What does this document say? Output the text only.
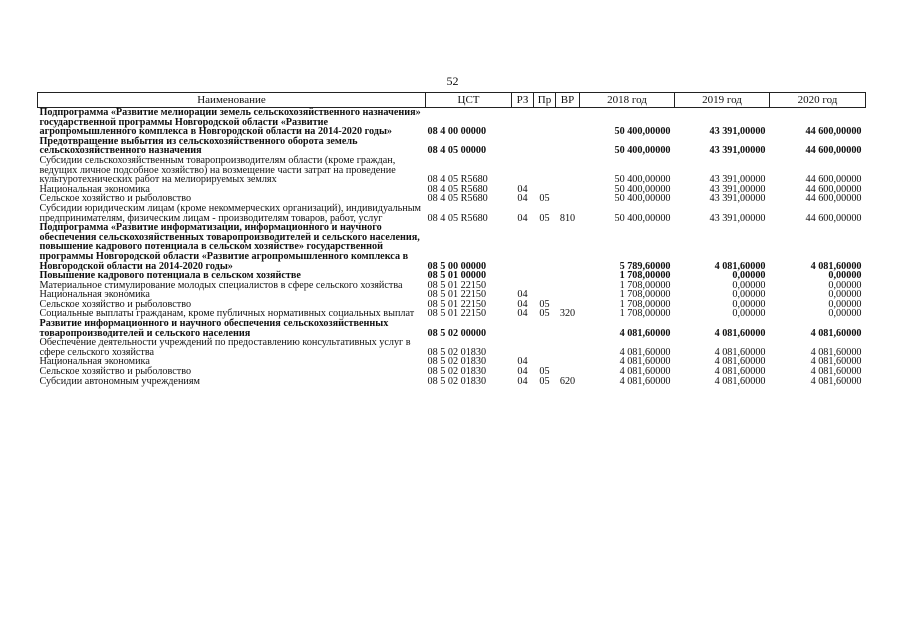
52
Наименование	ЦСТ	РЗ	Пр	ВР	2018 год	2019 год	2020 год
Подпрограмма «Развитие мелиорации земель сельскохозяйственного назначения» государственной программы Новгородской области «Развитие агропромышленного комплекса в Новгородской области на 2014-2020 годы»	08 4 00 00000				50 400,00000	43 391,00000	44 600,00000
Предотвращение выбытия из сельскохозяйственного оборота земель сельскохозяйственного назначения	08 4 05 00000				50 400,00000	43 391,00000	44 600,00000
Субсидии сельскохозяйственным товаропроизводителям области (кроме граждан, ведущих личное подсобное хозяйство) на возмещение части затрат на проведение культуротехнических работ на мелиорируемых землях	08 4 05 R5680				50 400,00000	43 391,00000	44 600,00000
Национальная экономика	08 4 05 R5680	04			50 400,00000	43 391,00000	44 600,00000
Сельское хозяйство и рыболовство	08 4 05 R5680	04	05		50 400,00000	43 391,00000	44 600,00000
Субсидии юридическим лицам (кроме некоммерческих организаций), индивидуальным предпринимателям, физическим лицам - производителям товаров, работ, услуг	08 4 05 R5680	04	05	810	50 400,00000	43 391,00000	44 600,00000
Подпрограмма «Развитие информатизации, информационного и научного обеспечения сельскохозяйственных товаропроизводителей и сельского населения, повышение кадрового потенциала в сельском хозяйстве» государственной программы Новгородской области «Развитие агропромышленного комплекса в Новгородской области на 2014-2020 годы»	08 5 00 00000				5 789,60000	4 081,60000	4 081,60000
Повышение кадрового потенциала в сельском хозяйстве	08 5 01 00000				1 708,00000	0,00000	0,00000
Материальное стимулирование молодых специалистов в сфере сельского хозяйства	08 5 01 22150				1 708,00000	0,00000	0,00000
Национальная экономика	08 5 01 22150	04			1 708,00000	0,00000	0,00000
Сельское хозяйство и рыболовство	08 5 01 22150	04	05		1 708,00000	0,00000	0,00000
Социальные выплаты гражданам, кроме публичных нормативных социальных выплат	08 5 01 22150	04	05	320	1 708,00000	0,00000	0,00000
Развитие информационного и научного обеспечения сельскохозяйственных товаропроизводителей и сельского населения	08 5 02 00000				4 081,60000	4 081,60000	4 081,60000
Обеспечение деятельности учреждений по предоставлению консультативных услуг в сфере сельского хозяйства	08 5 02 01830				4 081,60000	4 081,60000	4 081,60000
Национальная экономика	08 5 02 01830	04			4 081,60000	4 081,60000	4 081,60000
Сельское хозяйство и рыболовство	08 5 02 01830	04	05		4 081,60000	4 081,60000	4 081,60000
Субсидии автономным учреждениям	08 5 02 01830	04	05	620	4 081,60000	4 081,60000	4 081,60000
